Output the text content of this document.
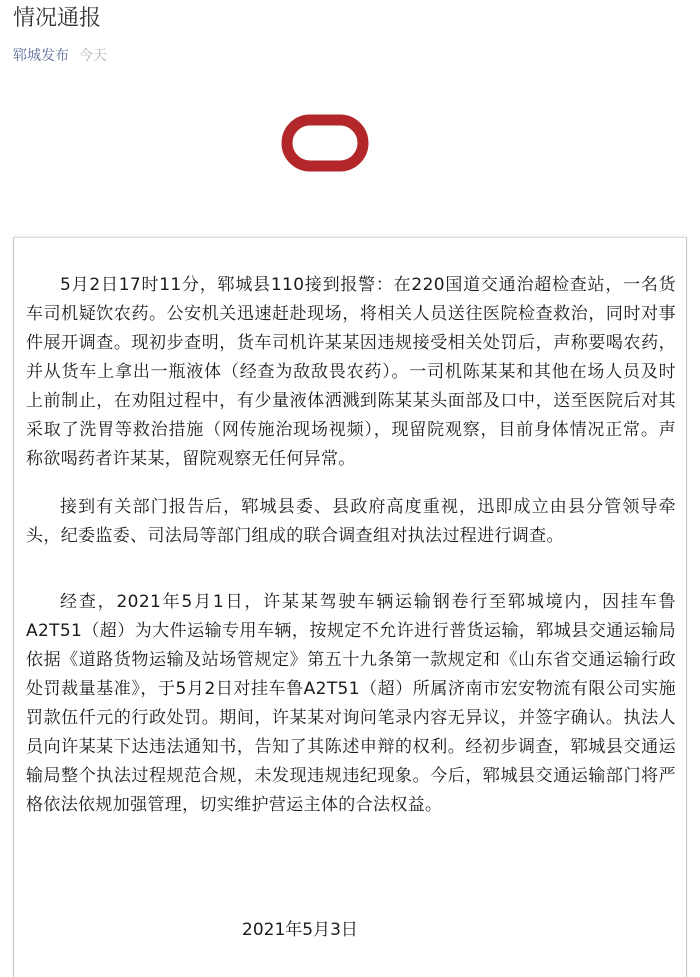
情况通报
郓城发布 今天

5月2日17时11分，郓城县110接到报警：在220国道交通治超检查站，一名货车司机疑饮农药。公安机关迅速赶赴现场，将相关人员送往医院检查救治，同时对事件展开调查。现初步查明，货车司机许某某因违规接受相关处罚后，声称要喝农药，并从货车上拿出一瓶液体（经查为敌敌畏农药）。一司机陈某某和其他在场人员及时上前制止，在劝阻过程中，有少量液体洒溅到陈某某头面部及口中，送至医院后对其采取了洗胃等救治措施（网传施治现场视频），现留院观察，目前身体情况正常。声称欲喝药者许某某，留院观察无任何异常。

接到有关部门报告后，郓城县委、县政府高度重视，迅即成立由县分管领导牵头，纪委监委、司法局等部门组成的联合调查组对执法过程进行调查。

经查，2021年5月1日，许某某驾驶车辆运输钢卷行至郓城境内，因挂车鲁A2T51（超）为大件运输专用车辆，按规定不允许进行普货运输，郓城县交通运输局依据《道路货物运输及站场管规定》第五十九条第一款规定和《山东省交通运输行政处罚裁量基准》，于5月2日对挂车鲁A2T51（超）所属济南市宏安物流有限公司实施罚款伍仟元的行政处罚。期间，许某某对询问笔录内容无异议，并签字确认。执法人员向许某某下达违法通知书，告知了其陈述申辩的权利。经初步调查，郓城县交通运输局整个执法过程规范合规，未发现违规违纪现象。今后，郓城县交通运输部门将严格依法依规加强管理，切实维护营运主体的合法权益。

2021年5月3日
